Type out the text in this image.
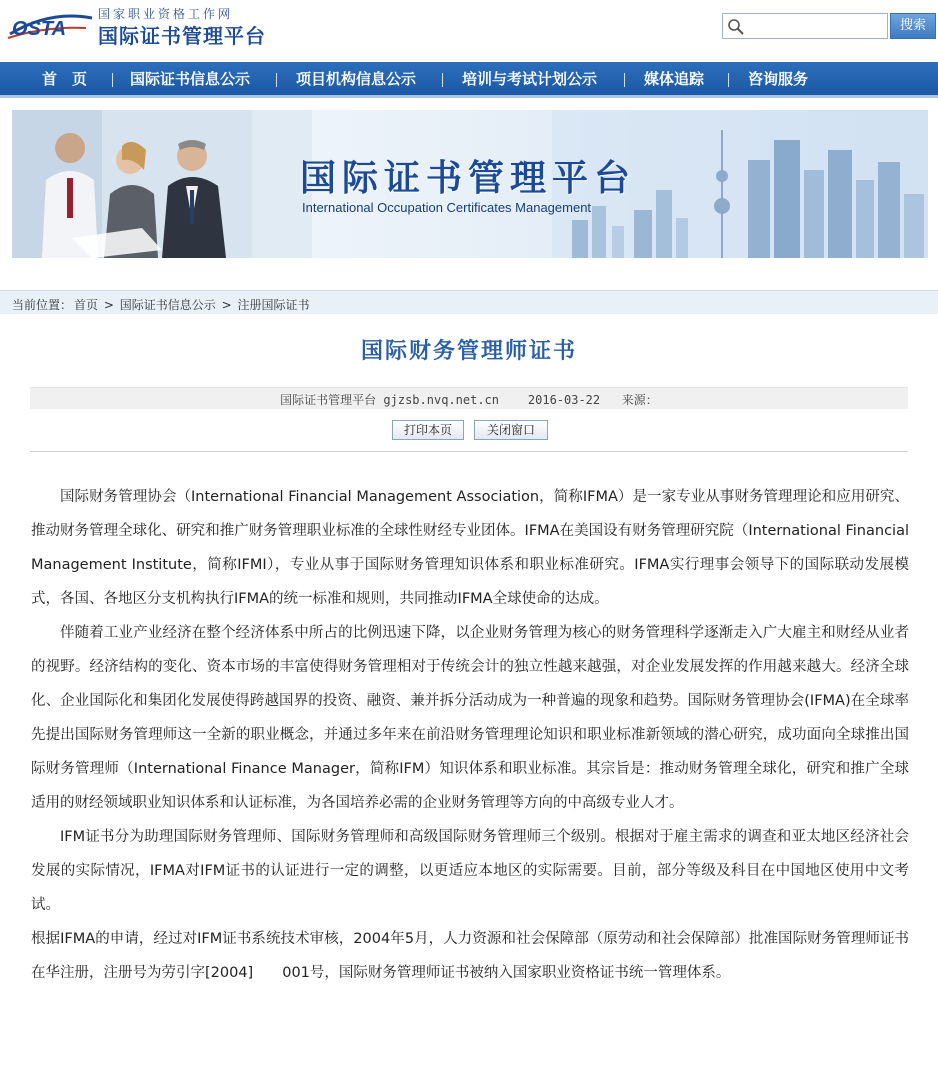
OSTA
国家职业资格工作网
国际证书管理平台	搜索
首　页	国际证书信息公示	项目机构信息公示	培训与考试计划公示	媒体追踪	咨询服务
国际证书管理平台
International Occupation Certificates Management
当前位置： 首页 > 国际证书信息公示 > 注册国际证书
国际财务管理师证书
国际证书管理平台 gjzsb.nvq.net.cn    2016-03-22   来源：
打印本页	关闭窗口

国际财务管理协会（International Financial Management Association，简称IFMA）是一家专业从事财务管理理论和应用研究、推动财务管理全球化、研究和推广财务管理职业标准的全球性财经专业团体。IFMA在美国设有财务管理研究院（International Financial Management Institute，简称IFMI），专业从事于国际财务管理知识体系和职业标准研究。IFMA实行理事会领导下的国际联动发展模式，各国、各地区分支机构执行IFMA的统一标准和规则，共同推动IFMA全球使命的达成。

伴随着工业产业经济在整个经济体系中所占的比例迅速下降，以企业财务管理为核心的财务管理科学逐渐走入广大雇主和财经从业者的视野。经济结构的变化、资本市场的丰富使得财务管理相对于传统会计的独立性越来越强，对企业发展发挥的作用越来越大。经济全球化、企业国际化和集团化发展使得跨越国界的投资、融资、兼并拆分活动成为一种普遍的现象和趋势。国际财务管理协会(IFMA)在全球率先提出国际财务管理师这一全新的职业概念，并通过多年来在前沿财务管理理论知识和职业标准新领域的潜心研究，成功面向全球推出国际财务管理师（International Finance Manager，简称IFM）知识体系和职业标准。其宗旨是：推动财务管理全球化，研究和推广全球适用的财经领域职业知识体系和认证标准，为各国培养必需的企业财务管理等方向的中高级专业人才。

IFM证书分为助理国际财务管理师、国际财务管理师和高级国际财务管理师三个级别。根据对于雇主需求的调查和亚太地区经济社会发展的实际情况，IFMA对IFM证书的认证进行一定的调整，以更适应本地区的实际需要。目前，部分等级及科目在中国地区使用中文考试。

根据IFMA的申请，经过对IFM证书系统技术审核，2004年5月，人力资源和社会保障部（原劳动和社会保障部）批准国际财务管理师证书在华注册，注册号为劳引字[2004]　　001号，国际财务管理师证书被纳入国家职业资格证书统一管理体系。
